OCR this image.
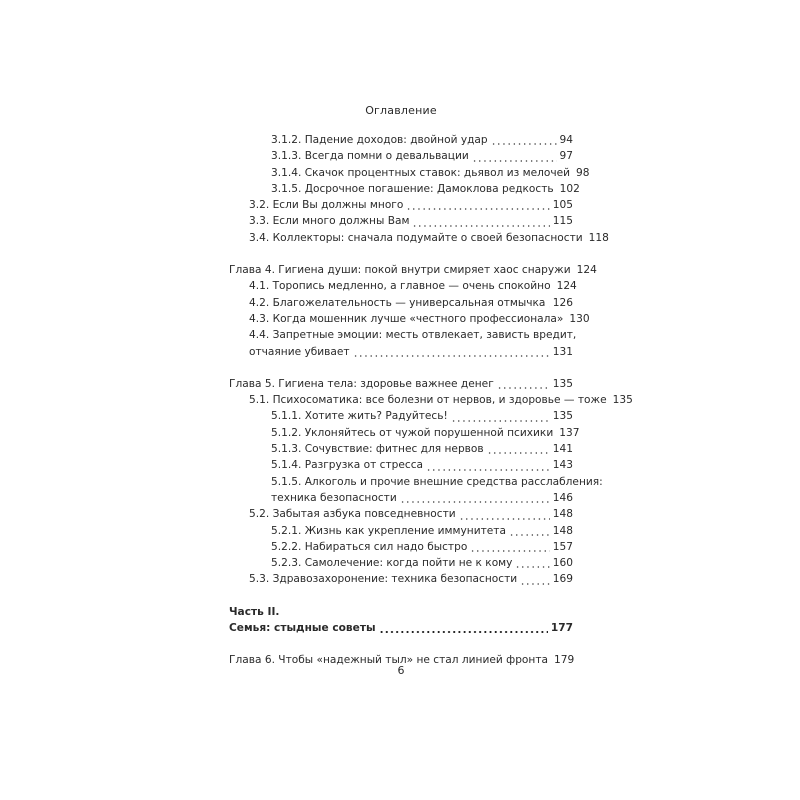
Оглавление
3.1.2. Падение доходов: двойной удар	94
3.1.3. Всегда помни о девальвации	97
3.1.4. Скачок процентных ставок: дьявол из мелочей 98
3.1.5. Досрочное погашение: Дамоклова редкость 102
3.2. Если Вы должны много	105
3.3. Если много должны Вам	115
3.4. Коллекторы: сначала подумайте о своей безопасности 118
Глава 4. Гигиена души: покой внутри смиряет хаос снаружи 124
4.1. Торопись медленно, а главное — очень спокойно 124
4.2. Благожелательность — универсальная отмычка 126
4.3. Когда мошенник лучше «честного профессионала» 130
4.4. Запретные эмоции: месть отвлекает, зависть вредит,
отчаяние убивает	131
Глава 5. Гигиена тела: здоровье важнее денег	135
5.1. Психосоматика: все болезни от нервов, и здоровье — тоже 135
5.1.1. Хотите жить? Радуйтесь!	135
5.1.2. Уклоняйтесь от чужой порушенной психики 137
5.1.3. Сочувствие: фитнес для нервов	141
5.1.4. Разгрузка от стресса	143
5.1.5. Алкоголь и прочие внешние средства расслабления:
техника безопасности	146
5.2. Забытая азбука повседневности	148
5.2.1. Жизнь как укрепление иммунитета	148
5.2.2. Набираться сил надо быстро	157
5.2.3. Самолечение: когда пойти не к кому	160
5.3. Здравозахоронение: техника безопасности	169
Часть II.
Семья: стыдные советы	177
Глава 6. Чтобы «надежный тыл» не стал линией фронта 179
6
